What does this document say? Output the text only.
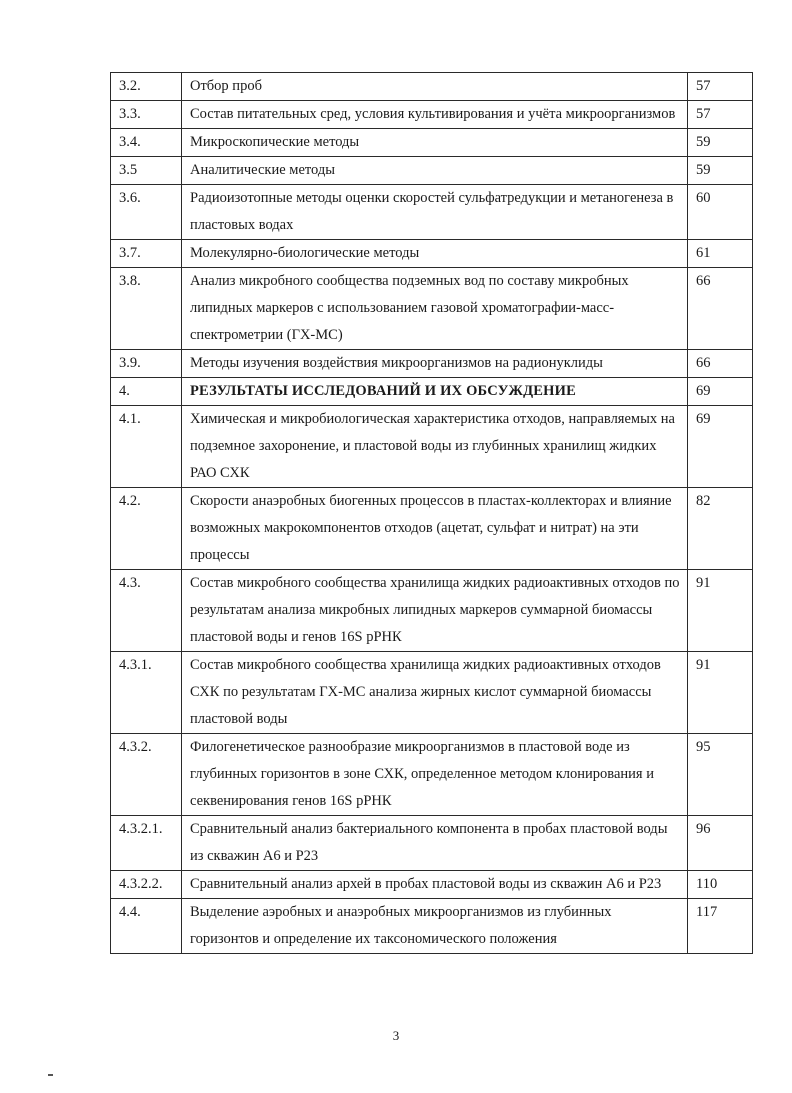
3.2.	Отбор проб	57
3.3.	Состав питательных сред, условия культивирования и учёта микроорганизмов	57
3.4.	Микроскопические методы	59
3.5	Аналитические методы	59
3.6.	Радиоизотопные методы оценки скоростей сульфатредукции и метаногенеза в пластовых водах	60
3.7.	Молекулярно-биологические методы	61
3.8.	Анализ микробного сообщества подземных вод по составу микробных липидных маркеров с использованием газовой хроматографии-масс-спектрометрии (ГХ-МС)	66
3.9.	Методы изучения воздействия микроорганизмов на радионуклиды	66
4.	РЕЗУЛЬТАТЫ ИССЛЕДОВАНИЙ И ИХ ОБСУЖДЕНИЕ	69
4.1.	Химическая и микробиологическая характеристика отходов, направляемых на подземное захоронение, и пластовой воды из глубинных хранилищ жидких РАО СХК	69
4.2.	Скорости анаэробных биогенных процессов в пластах-коллекторах и влияние возможных макрокомпонентов отходов (ацетат, сульфат и нитрат) на эти процессы	82
4.3.	Состав микробного сообщества хранилища жидких радиоактивных отходов по результатам анализа микробных липидных маркеров суммарной биомассы пластовой воды и генов 16S рРНК	91
4.3.1.	Состав микробного сообщества хранилища жидких радиоактивных отходов СХК по результатам ГХ-МС анализа жирных кислот суммарной биомассы пластовой воды	91
4.3.2.	Филогенетическое разнообразие микроорганизмов в пластовой воде из глубинных горизонтов в зоне СХК, определенное методом клонирования и секвенирования генов 16S рРНК	95
4.3.2.1.	Сравнительный анализ бактериального компонента в пробах пластовой воды из скважин А6 и Р23	96
4.3.2.2.	Сравнительный анализ архей в пробах пластовой воды из скважин А6 и Р23	110
4.4.	Выделение аэробных и анаэробных микроорганизмов из глубинных горизонтов и определение их таксономического положения	117
3
